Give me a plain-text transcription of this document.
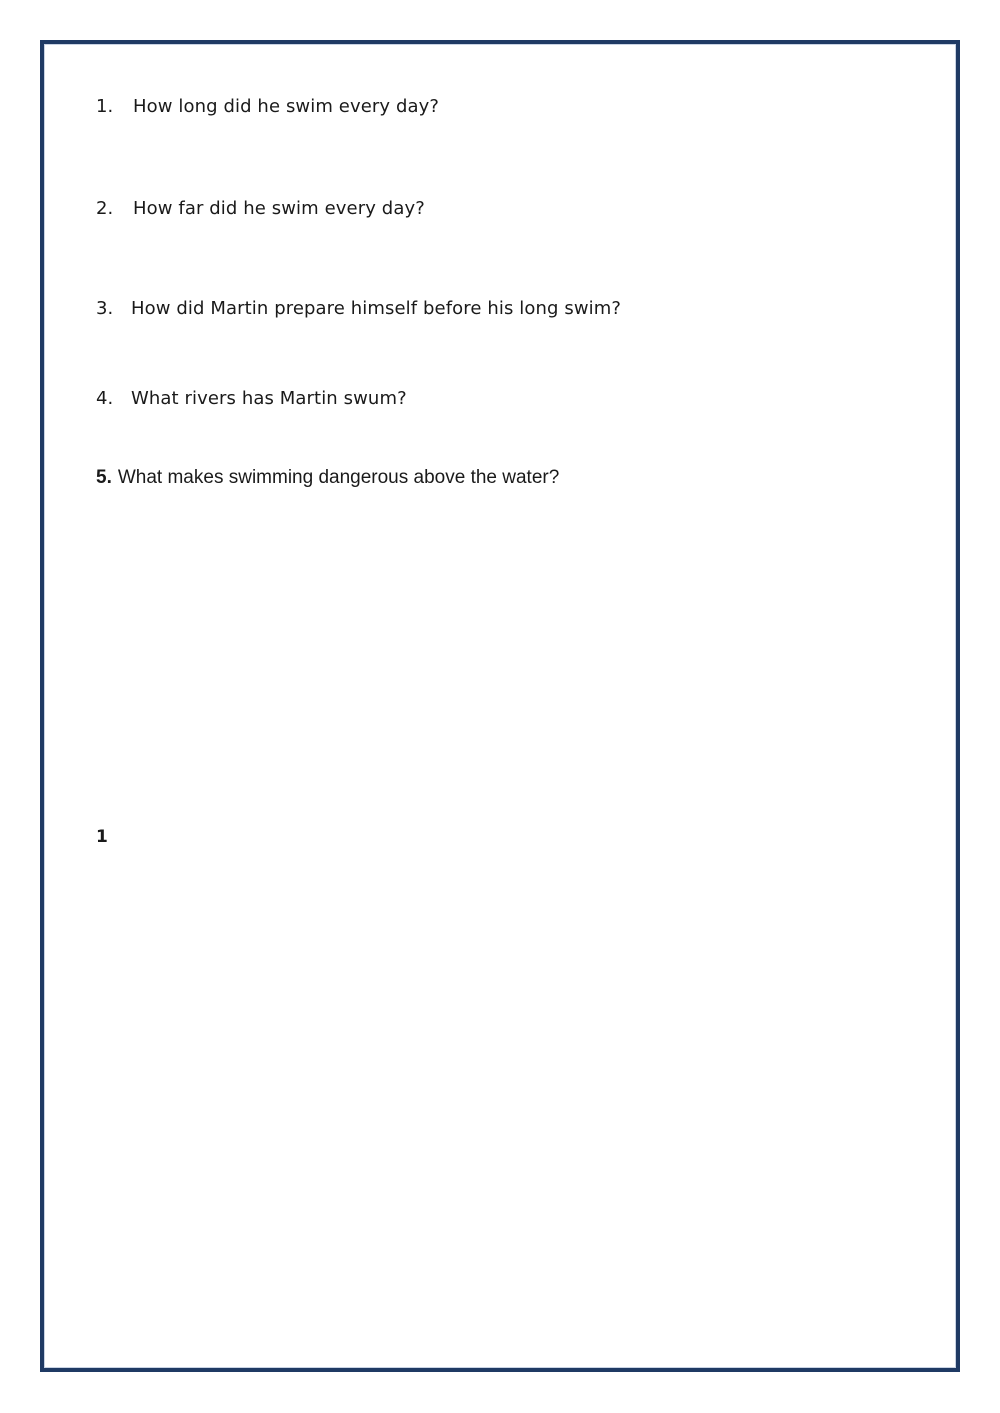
1. How long did he swim every day?
2. How far did he swim every day?
3. How did Martin prepare himself before his long swim?
4. What rivers has Martin swum?
5. What makes swimming dangerous above the water?
1
